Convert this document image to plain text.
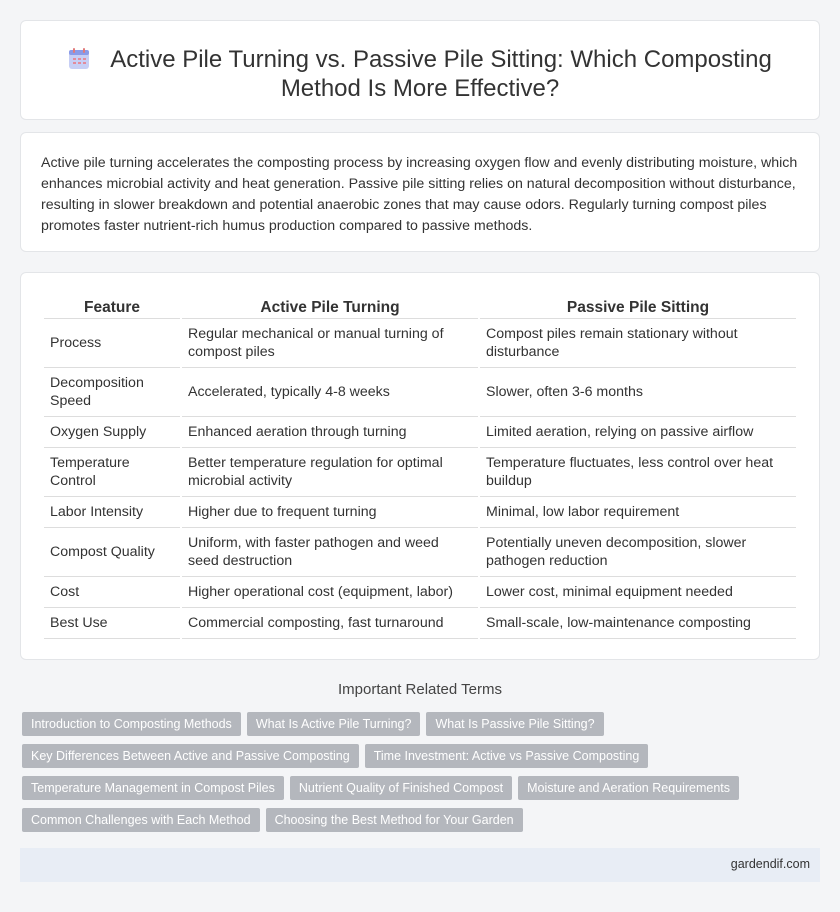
Active Pile Turning vs. Passive Pile Sitting: Which Composting
Method Is More Effective?

Active pile turning accelerates the composting process by increasing oxygen flow and evenly distributing moisture, which enhances microbial activity and heat generation. Passive pile sitting relies on natural decomposition without disturbance, resulting in slower breakdown and potential anaerobic zones that may cause odors. Regularly turning compost piles promotes faster nutrient-rich humus production compared to passive methods.

Feature	Active Pile Turning	Passive Pile Sitting
Process	Regular mechanical or manual turning of compost piles	Compost piles remain stationary without disturbance
Decomposition Speed	Accelerated, typically 4-8 weeks	Slower, often 3-6 months
Oxygen Supply	Enhanced aeration through turning	Limited aeration, relying on passive airflow
Temperature Control	Better temperature regulation for optimal microbial activity	Temperature fluctuates, less control over heat buildup
Labor Intensity	Higher due to frequent turning	Minimal, low labor requirement
Compost Quality	Uniform, with faster pathogen and weed seed destruction	Potentially uneven decomposition, slower pathogen reduction
Cost	Higher operational cost (equipment, labor)	Lower cost, minimal equipment needed
Best Use	Commercial composting, fast turnaround	Small-scale, low-maintenance composting
Important Related Terms
Introduction to Composting Methods	What Is Active Pile Turning?	What Is Passive Pile Sitting?
Key Differences Between Active and Passive Composting	Time Investment: Active vs Passive Composting
Temperature Management in Compost Piles	Nutrient Quality of Finished Compost	Moisture and Aeration Requirements
Common Challenges with Each Method	Choosing the Best Method for Your Garden
gardendif.com
